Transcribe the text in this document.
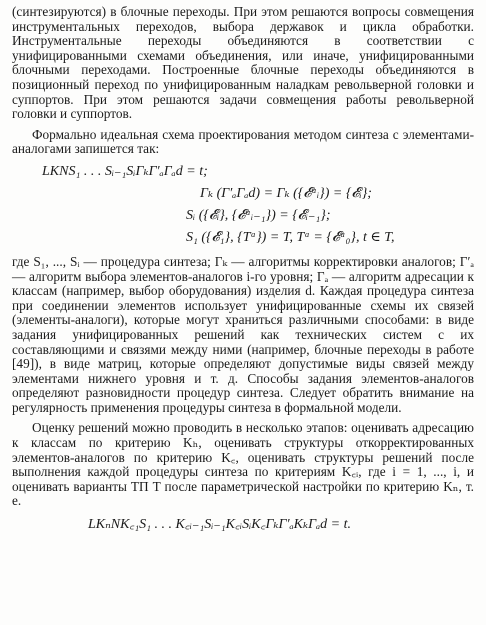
(синтезируются) в блочные переходы. При этом решаются вопросы совмещения инструментальных переходов, выбора державок и цикла обработки. Инструментальные переходы объединяются в соответствии с унифицированными схемами объединения, или иначе, унифицированными блочными переходами. Построенные блочные переходы объединяются в позиционный переход по унифицированным наладкам револьверной головки и суппортов. При этом решаются задачи совмещения работы револьверной головки и суппортов.

Формально идеальная схема проектирования методом синтеза с элементами-аналогами запишется так:

LKNS₁ . . . Sᵢ₋₁SᵢΓₖΓ′ₐΓₐd = t;
Γₖ (Γ′ₐΓₐd) = Γₖ ({𝓔ᵃᵢ}) = {𝓔ᵢ};
Sᵢ ({𝓔ᵢ}, {𝓔ᵃᵢ₋₁}) = {𝓔ᵢ₋₁};
S₁ ({𝓔₁}, {Tᵃ}) = T, Tᵃ = {𝓔ᵃ₀}, t ∈ T,

где S₁, ..., Sᵢ — процедура синтеза; Γₖ — алгоритмы корректировки аналогов; Γ′ₐ — алгоритм выбора элементов-аналогов i-го уровня; Γₐ — алгоритм адресации к классам (например, выбор оборудования) изделия d. Каждая процедура синтеза при соединении элементов использует унифицированные схемы их связей (элементы-аналоги), которые могут храниться различными способами: в виде задания унифицированных решений как технических систем с их составляющими и связями между ними (например, блочные переходы в работе [49]), в виде матриц, которые определяют допустимые виды связей между элементами нижнего уровня и т. д. Способы задания элементов-аналогов определяют разновидности процедур синтеза. Следует обратить внимание на регулярность применения процедуры синтеза в формальной модели.

Оценку решений можно проводить в несколько этапов: оценивать адресацию к классам по критерию Kₕ, оценивать структуры откорректированных элементов-аналогов по критерию K꜀, оценивать структуры решений после выполнения каждой процедуры синтеза по критериям K꜀ᵢ, где i = 1, ..., i, и оценивать варианты ТП T после параметрической настройки по критерию Kₙ, т. е.

LKₙNK꜀₁S₁ . . . K꜀ᵢ₋₁Sᵢ₋₁K꜀ᵢSᵢK꜀ΓₖΓ′ₐKₖΓₐd = t.
